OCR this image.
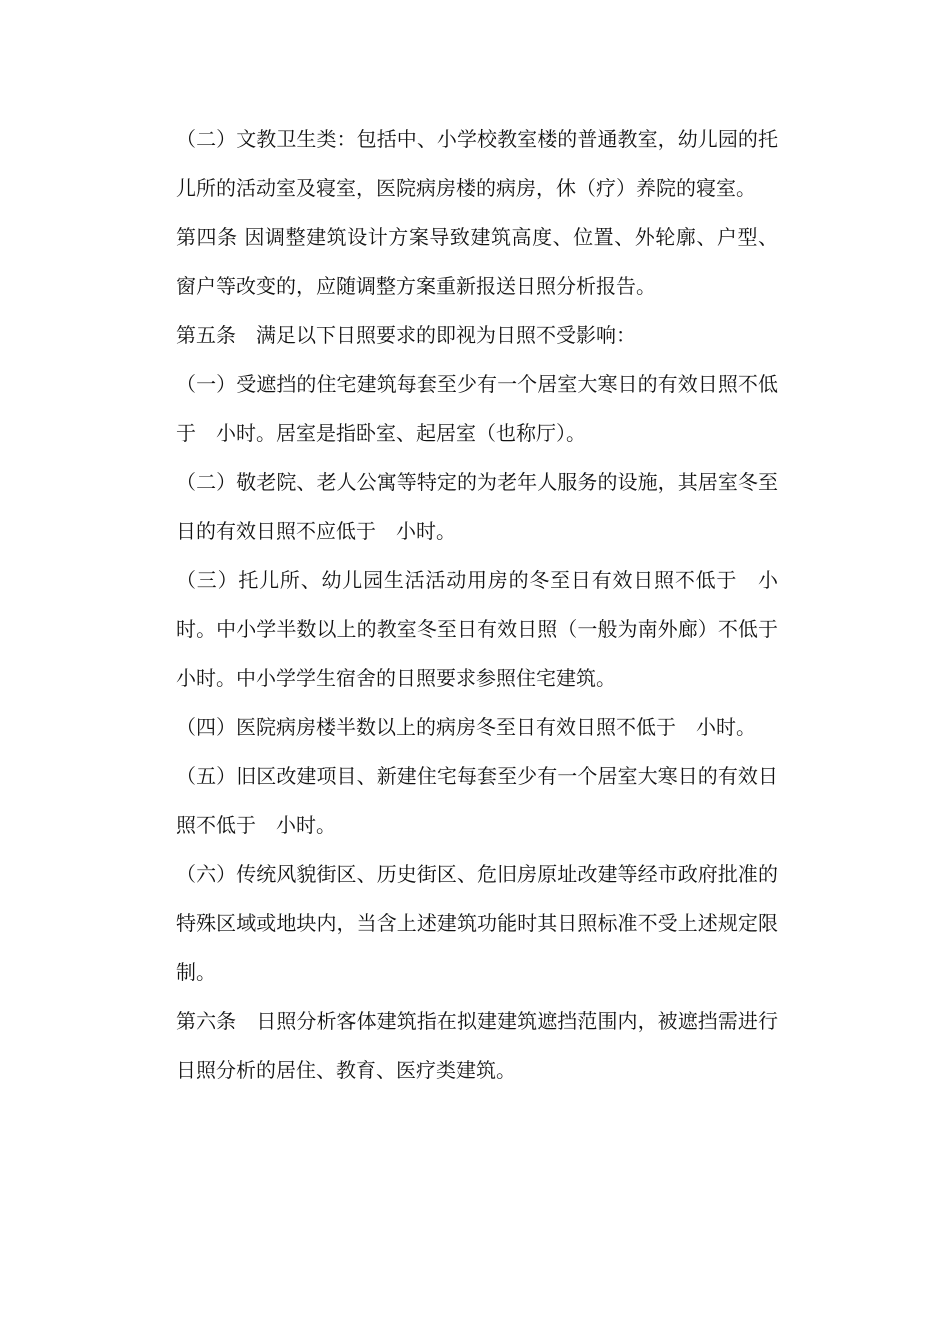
（二）文教卫生类：包括中、小学校教室楼的普通教室，幼儿园的托儿所的活动室及寝室，医院病房楼的病房，休（疗）养院的寝室。

第四条 因调整建筑设计方案导致建筑高度、位置、外轮廓、户型、窗户等改变的，应随调整方案重新报送日照分析报告。

第五条　满足以下日照要求的即视为日照不受影响：

（一）受遮挡的住宅建筑每套至少有一个居室大寒日的有效日照不低于　小时。居室是指卧室、起居室（也称厅）。

（二）敬老院、老人公寓等特定的为老年人服务的设施，其居室冬至日的有效日照不应低于　小时。

（三）托儿所、幼儿园生活活动用房的冬至日有效日照不低于　小时。中小学半数以上的教室冬至日有效日照（一般为南外廊）不低于　小时。中小学学生宿舍的日照要求参照住宅建筑。

（四）医院病房楼半数以上的病房冬至日有效日照不低于　小时。

（五）旧区改建项目、新建住宅每套至少有一个居室大寒日的有效日照不低于　小时。

（六）传统风貌街区、历史街区、危旧房原址改建等经市政府批准的特殊区域或地块内，当含上述建筑功能时其日照标准不受上述规定限制。

第六条　日照分析客体建筑指在拟建建筑遮挡范围内，被遮挡需进行日照分析的居住、教育、医疗类建筑。
